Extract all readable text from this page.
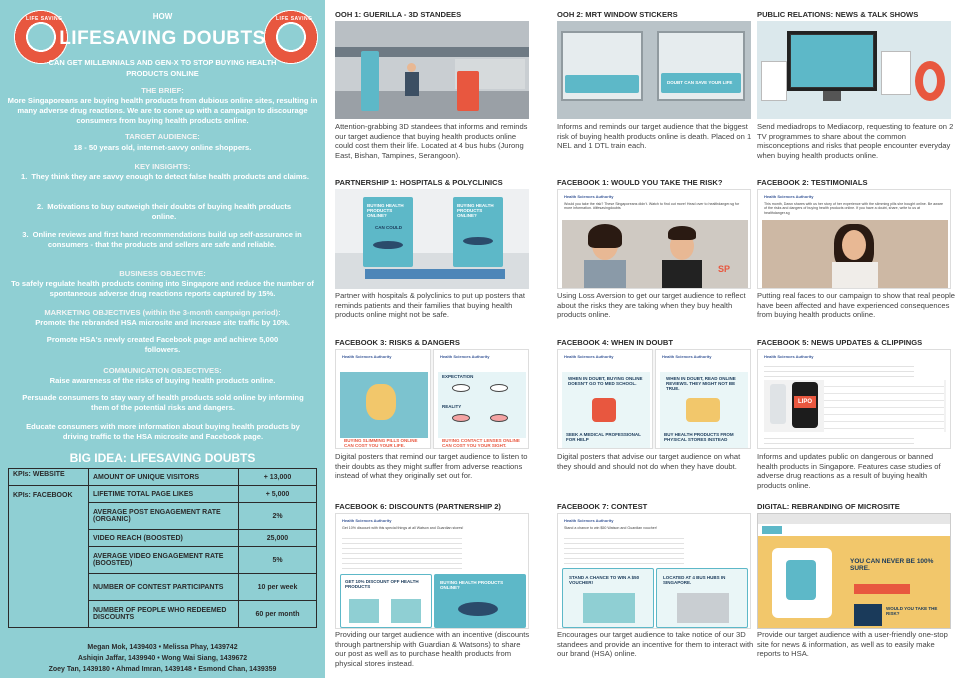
LIFE SAVING	LIFE SAVING
HOW
LIFESAVING DOUBTS
CAN GET MILLENNIALS AND GEN-X TO STOP BUYING HEALTH PRODUCTS ONLINE
THE BRIEF:
More Singaporeans are buying health products from dubious online sites, resulting in many adverse drug reactions. We are to come up with a campaign to discourage consumers from buying health products online.
TARGET AUDIENCE:
18 - 50 years old, internet-savvy online shoppers.
KEY INSIGHTS:
1. They think they are savvy enough to detect false health products and claims.
2. Motivations to buy outweigh their doubts of buying health products online.
3. Online reviews and first hand recommendations build up self-assurance in consumers - that the products and sellers are safe and reliable.
BUSINESS OBJECTIVE:
To safely regulate health products coming into Singapore and reduce the number of spontaneous adverse drug reactions reports captured by 15%.
MARKETING OBJECTIVES (within the 3-month campaign period):
Promote the rebranded HSA microsite and increase site traffic by 10%.
Promote HSA's newly created Facebook page and achieve 5,000 followers.
COMMUNICATION OBJECTIVES:
Raise awareness of the risks of buying health products online.
Persuade consumers to stay wary of health products sold online by informing them of the potential risks and dangers.
Educate consumers with more information about buying health products by driving traffic to the HSA microsite and Facebook page.
BIG IDEA: LIFESAVING DOUBTS
KPIs: WEBSITE	AMOUNT OF UNIQUE VISITORS	+ 13,000
KPIs: FACEBOOK	LIFETIME TOTAL PAGE LIKES	+ 5,000
	AVERAGE POST ENGAGEMENT RATE (ORGANIC)	2%
	VIDEO REACH (BOOSTED)	25,000
	AVERAGE VIDEO ENGAGEMENT RATE (BOOSTED)	5%
	NUMBER OF CONTEST PARTICIPANTS	10 per week
	NUMBER OF PEOPLE WHO REDEEMED DISCOUNTS	60 per month
Megan Mok, 1439403 • Melissa Phay, 1439742
Ashiqin Jaffar, 1439940 • Wong Wai Siang, 1439672
Zoey Tan, 1439180 • Ahmad Imran, 1439148 • Esmond Chan, 1439359
OOH 1: GUERILLA - 3D STANDEES
Attention-grabbing 3D standees that informs and reminds our target audience that buying health products online could cost them their life. Located at 4 bus hubs (Jurong East, Bishan, Tampines, Serangoon).
PARTNERSHIP 1: HOSPITALS & POLYCLINICS
BUYING HEALTH PRODUCTS ONLINE?
CAN COULD
BUYING HEALTH PRODUCTS ONLINE?
Partner with hospitals & polyclinics to put up posters that reminds patients and their families that buying health products online might not be safe.
FACEBOOK 3: RISKS & DANGERS
Health Sciences Authority
BUYING SLIMMING PILLS ONLINE CAN COST YOU YOUR LIFE.
Health Sciences Authority
EXPECTATION
REALITY
BUYING CONTACT LENSES ONLINE CAN COST YOU YOUR SIGHT.
Digital posters that remind our target audience to listen to their doubts as they might suffer from adverse reactions instead of what they originally set out for.
FACEBOOK 6: DISCOUNTS (PARTNERSHIP 2)
Health Sciences Authority
Get 10% discount with this special things at all Watson and Guardian stores!
GET 10% DISCOUNT OFF HEALTH PRODUCTS
BUYING HEALTH PRODUCTS ONLINE?
Providing our target audience with an incentive (discounts through partnership with Guardian & Watsons) to share our post as well as to purchase health products from physical stores instead.
OOH 2: MRT WINDOW STICKERS
DOUBT CAN SAVE YOUR LIFE
Informs and reminds our target audience that the biggest risk of buying health products online is death. Placed on 1 NEL and 1 DTL train each.
FACEBOOK 1: WOULD YOU TAKE THE RISK?
Health Sciences Authority
Would you take the risk? These Singaporeans didn't. Watch to find out more! Head over to healthdanger.sg for more information. #lifesavingdoubts
SP
Using Loss Aversion to get our target audience to reflect about the risks they are taking when they buy health products online.
FACEBOOK 4: WHEN IN DOUBT
Health Sciences Authority
WHEN IN DOUBT, BUYING ONLINE DOESN'T GO TO MED SCHOOL.
SEEK A MEDICAL PROFESSIONAL FOR HELP
Health Sciences Authority
WHEN IN DOUBT, READ ONLINE REVIEWS. THEY MIGHT NOT BE TRUE.
BUY HEALTH PRODUCTS FROM PHYSICAL STORES INSTEAD
Digital posters that advise our target audience on what they should and should not do when they have doubt.
FACEBOOK 7: CONTEST
Health Sciences Authority
Stand a chance to win $50 Watson and Guardian voucher!
STAND A CHANCE TO WIN A $50 VOUCHER!
LOCATED AT 4 BUS HUBS IN SINGAPORE.
Encourages our target audience to take notice of our 3D standees and provide an incentive for them to interact with our brand (HSA) online.
PUBLIC RELATIONS: NEWS & TALK SHOWS
Send mediadrops to Mediacorp, requesting to feature on 2 TV programmes to share about the common misconceptions and risks that people encounter everyday when buying health products online.
FACEBOOK 2: TESTIMONIALS
Health Sciences Authority
This month, Dawn shares with us her story of her experience with the slimming pills she bought online. Be aware of the risks and dangers of buying health products online. If you have a doubt, share, write to us at healthdanger.sg
Putting real faces to our campaign to show that real people have been affected and have experienced consequences from buying health products online.
FACEBOOK 5: NEWS UPDATES & CLIPPINGS
Health Sciences Authority
LIPO
Informs and updates public on dangerous or banned health products in Singapore. Features case studies of adverse drug reactions as a result of buying health products online.
DIGITAL: REBRANDING OF MICROSITE
YOU CAN NEVER BE 100% SURE.
WOULD YOU TAKE THE RISK?
Provide our target audience with a user-friendly one-stop site for news & information, as well as to easily make reports to HSA.
